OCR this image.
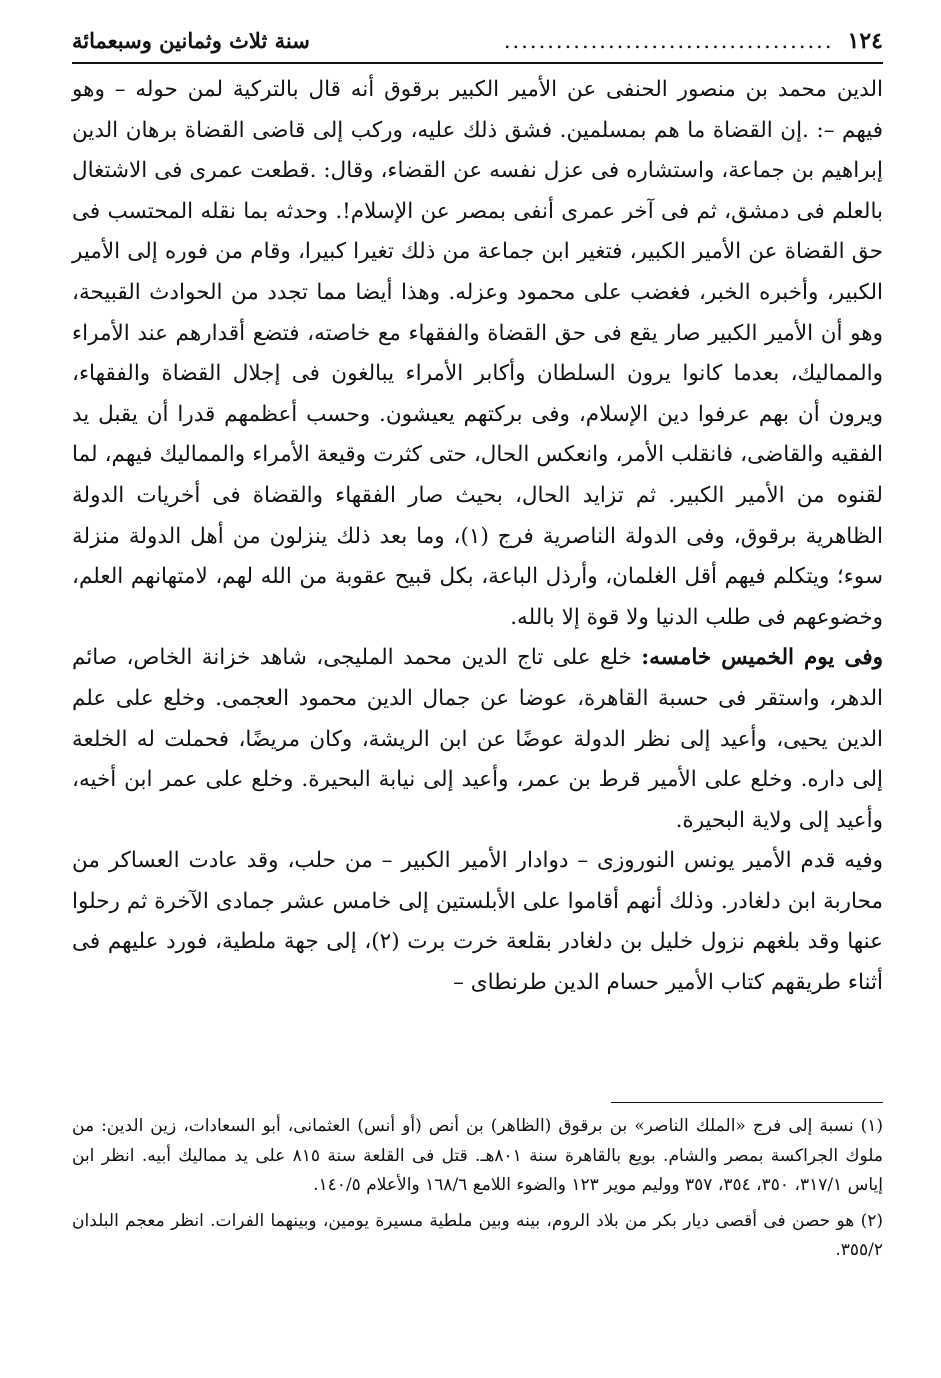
١٢٤
......................................
سنة ثلاث وثمانين وسبعمائة

الدين محمد بن منصور الحنفى عن الأمير الكبير برقوق أنه قال بالتركية لمن حوله – وهو فيهم –: .إن القضاة ما هم بمسلمين. فشق ذلك عليه، وركب إلى قاضى القضاة برهان الدين إبراهيم بن جماعة، واستشاره فى عزل نفسه عن القضاء، وقال: .قطعت عمرى فى الاشتغال بالعلم فى دمشق، ثم فى آخر عمرى أنفى بمصر عن الإسلام!. وحدثه بما نقله المحتسب فى حق القضاة عن الأمير الكبير، فتغير ابن جماعة من ذلك تغيرا كبيرا، وقام من فوره إلى الأمير الكبير، وأخبره الخبر، فغضب على محمود وعزله. وهذا أيضا مما تجدد من الحوادث القبيحة، وهو أن الأمير الكبير صار يقع فى حق القضاة والفقهاء مع خاصته، فتضع أقدارهم عند الأمراء والمماليك، بعدما كانوا يرون السلطان وأكابر الأمراء يبالغون فى إجلال القضاة والفقهاء، ويرون أن بهم عرفوا دين الإسلام، وفى بركتهم يعيشون. وحسب أعظمهم قدرا أن يقبل يد الفقيه والقاضى، فانقلب الأمر، وانعكس الحال، حتى كثرت وقيعة الأمراء والمماليك فيهم، لما لقنوه من الأمير الكبير. ثم تزايد الحال، بحيث صار الفقهاء والقضاة فى أخريات الدولة الظاهرية برقوق، وفى الدولة الناصرية فرج (١)، وما بعد ذلك ينزلون من أهل الدولة منزلة سوء؛ ويتكلم فيهم أقل الغلمان، وأرذل الباعة، بكل قبيح عقوبة من الله لهم، لامتهانهم العلم، وخضوعهم فى طلب الدنيا ولا قوة إلا بالله.

وفى يوم الخميس خامسه: خلع على تاج الدين محمد المليجى، شاهد خزانة الخاص، صائم الدهر، واستقر فى حسبة القاهرة، عوضا عن جمال الدين محمود العجمى. وخلع على علم الدين يحيى، وأعيد إلى نظر الدولة عوضًا عن ابن الريشة، وكان مريضًا، فحملت له الخلعة إلى داره. وخلع على الأمير قرط بن عمر، وأعيد إلى نيابة البحيرة. وخلع على عمر ابن أخيه، وأعيد إلى ولاية البحيرة.

وفيه قدم الأمير يونس النوروزى – دوادار الأمير الكبير – من حلب، وقد عادت العساكر من محاربة ابن دلغادر. وذلك أنهم أقاموا على الأبلستين إلى خامس عشر جمادى الآخرة ثم رحلوا عنها وقد بلغهم نزول خليل بن دلغادر بقلعة خرت برت (٢)، إلى جهة ملطية، فورد عليهم فى أثناء طريقهم كتاب الأمير حسام الدين طرنطاى –

(١) نسبة إلى فرج «الملك الناصر» بن برقوق (الظاهر) بن أنص (أو أنس) العثمانى، أبو السعادات، زين الدين: من ملوك الجراكسة بمصر والشام. بويع بالقاهرة سنة ٨٠١هـ. قتل فى القلعة سنة ٨١٥ على يد مماليك أبيه. انظر ابن إياس ٣١٧/١، ٣٥٠، ٣٥٤، ٣٥٧ ووليم موير ١٢٣ والضوء اللامع ١٦٨/٦ والأعلام ١٤٠/٥.

(٢) هو حصن فى أقصى ديار بكر من بلاد الروم، بينه وبين ملطية مسيرة يومين، وبينهما الفرات. انظر معجم البلدان ٣٥٥/٢.
